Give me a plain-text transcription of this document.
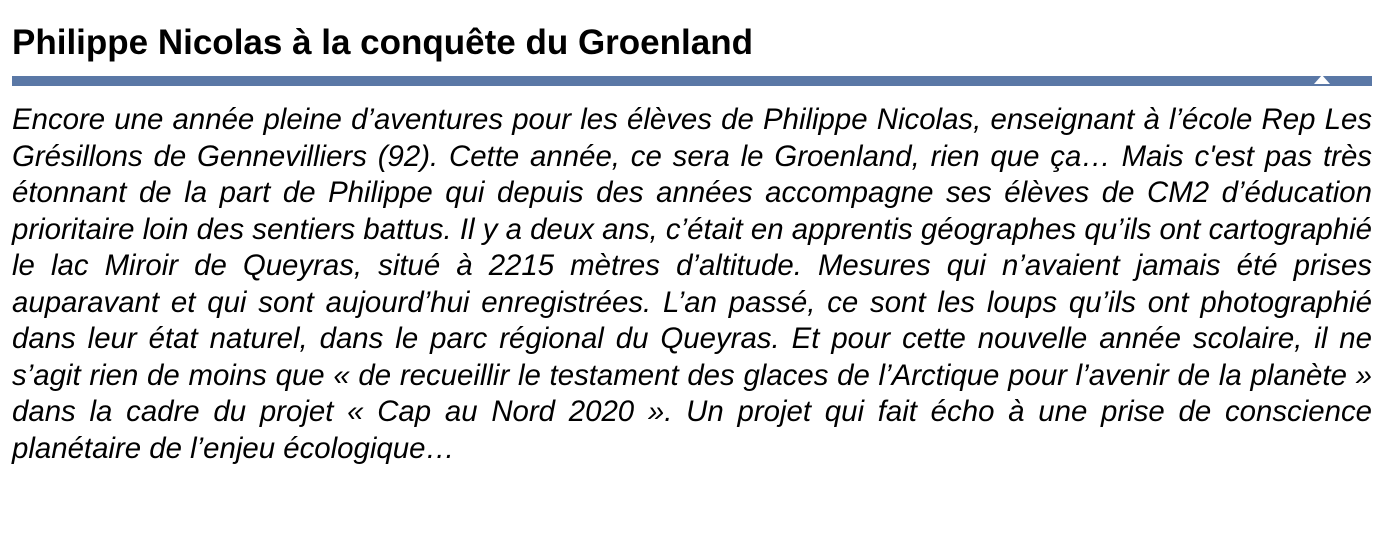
Philippe Nicolas à la conquête du Groenland

Encore une année pleine d’aventures pour les élèves de Philippe Nicolas, enseignant à l’école Rep Les Grésillons de Gennevilliers (92). Cette année, ce sera le Groenland, rien que ça… Mais c'est pas très étonnant de la part de Philippe qui depuis des années accompagne ses élèves de CM2 d’éducation prioritaire loin des sentiers battus. Il y a deux ans, c’était en apprentis géographes qu’ils ont cartographié le lac Miroir de Queyras, situé à 2215 mètres d’altitude. Mesures qui n’avaient jamais été prises auparavant et qui sont aujourd’hui enregistrées. L’an passé, ce sont les loups qu’ils ont photographié dans leur état naturel, dans le parc régional du Queyras. Et pour cette nouvelle année scolaire, il ne s’agit rien de moins que « de recueillir le testament des glaces de l’Arctique pour l’avenir de la planète » dans la cadre du projet « Cap au Nord 2020 ». Un projet qui fait écho à une prise de conscience planétaire de l’enjeu écologique…
